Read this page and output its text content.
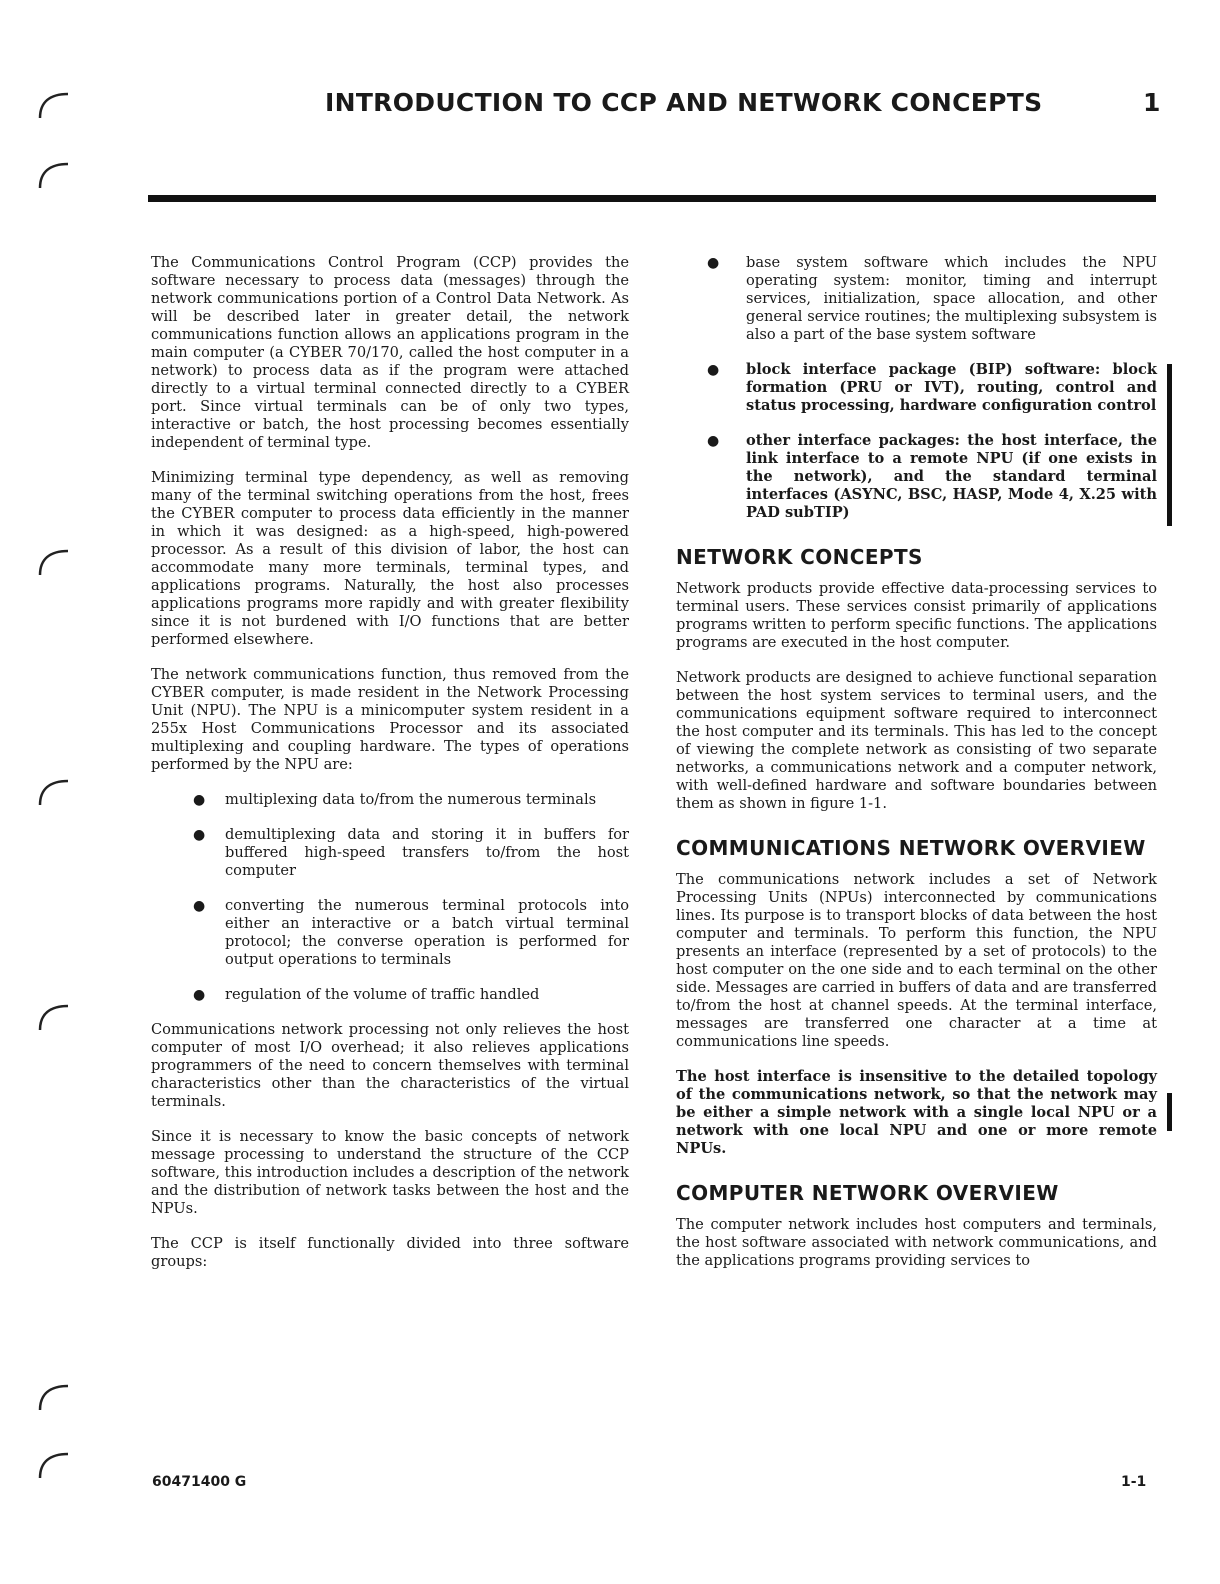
INTRODUCTION TO CCP AND NETWORK CONCEPTS	1

The Communications Control Program (CCP) provides the software necessary to process data (messages) through the network communications portion of a Control Data Network. As will be described later in greater detail, the network communications function allows an applications program in the main computer (a CYBER 70/170, called the host computer in a network) to process data as if the program were attached directly to a virtual terminal connected directly to a CYBER port. Since virtual terminals can be of only two types, interactive or batch, the host processing becomes essentially independent of terminal type.

Minimizing terminal type dependency, as well as removing many of the terminal switching operations from the host, frees the CYBER computer to process data efficiently in the manner in which it was designed: as a high-speed, high-powered processor. As a result of this division of labor, the host can accommodate many more terminals, terminal types, and applications programs. Naturally, the host also processes applications programs more rapidly and with greater flexibility since it is not burdened with I/O functions that are better performed elsewhere.

The network communications function, thus removed from the CYBER computer, is made resident in the Network Processing Unit (NPU). The NPU is a minicomputer system resident in a 255x Host Communications Processor and its associated multiplexing and coupling hardware. The types of operations performed by the NPU are:

● multiplexing data to/from the numerous terminals
● demultiplexing data and storing it in buffers for buffered high-speed transfers to/from the host computer
● converting the numerous terminal protocols into either an interactive or a batch virtual terminal protocol; the converse operation is performed for output operations to terminals
● regulation of the volume of traffic handled

Communications network processing not only relieves the host computer of most I/O overhead; it also relieves applications programmers of the need to concern themselves with terminal characteristics other than the characteristics of the virtual terminals.

Since it is necessary to know the basic concepts of network message processing to understand the structure of the CCP software, this introduction includes a description of the network and the distribution of network tasks between the host and the NPUs.

The CCP is itself functionally divided into three software groups:

● base system software which includes the NPU operating system: monitor, timing and interrupt services, initialization, space allocation, and other general service routines; the multiplexing subsystem is also a part of the base system software
● block interface package (BIP) software: block formation (PRU or IVT), routing, control and status processing, hardware configuration control
● other interface packages: the host interface, the link interface to a remote NPU (if one exists in the network), and the standard terminal interfaces (ASYNC, BSC, HASP, Mode 4, X.25 with PAD subTIP)
NETWORK CONCEPTS

Network products provide effective data-processing services to terminal users. These services consist primarily of applications programs written to perform specific functions. The applications programs are executed in the host computer.

Network products are designed to achieve functional separation between the host system services to terminal users, and the communications equipment software required to interconnect the host computer and its terminals. This has led to the concept of viewing the complete network as consisting of two separate networks, a communications network and a computer network, with well-defined hardware and software boundaries between them as shown in figure 1-1.

COMMUNICATIONS NETWORK OVERVIEW

The communications network includes a set of Network Processing Units (NPUs) interconnected by communications lines. Its purpose is to transport blocks of data between the host computer and terminals. To perform this function, the NPU presents an interface (represented by a set of protocols) to the host computer on the one side and to each terminal on the other side. Messages are carried in buffers of data and are transferred to/from the host at channel speeds. At the terminal interface, messages are transferred one character at a time at communications line speeds.

The host interface is insensitive to the detailed topology of the communications network, so that the network may be either a simple network with a single local NPU or a network with one local NPU and one or more remote NPUs.

COMPUTER NETWORK OVERVIEW

The computer network includes host computers and terminals, the host software associated with network communications, and the applications programs providing services to

60471400 G	1-1
